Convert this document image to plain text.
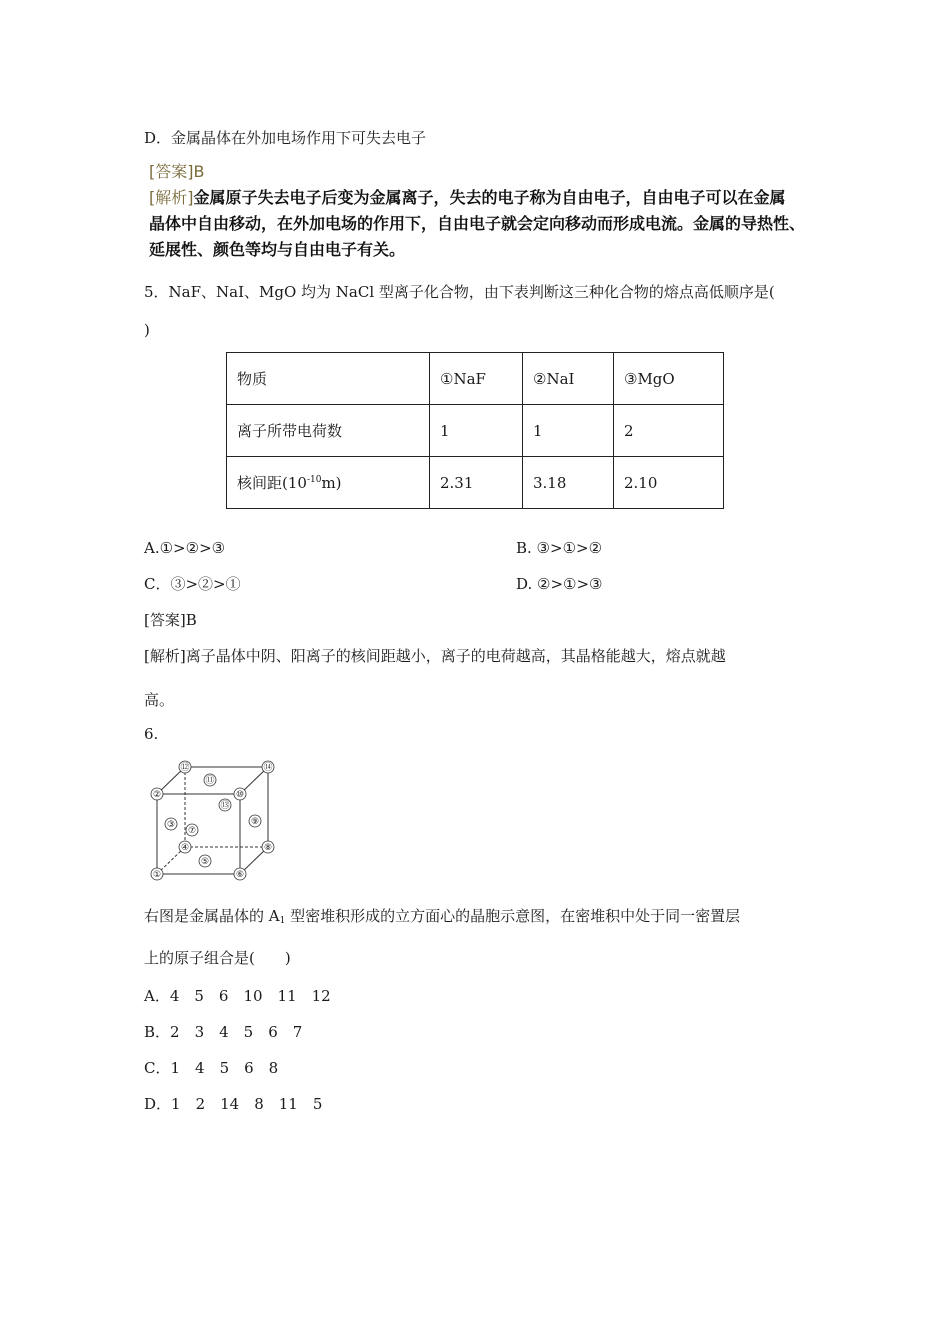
D．金属晶体在外加电场作用下可失去电子
[答案]B
[解析]金属原子失去电子后变为金属离子，失去的电子称为自由电子，自由电子可以在金属
晶体中自由移动，在外加电场的作用下，自由电子就会定向移动而形成电流。金属的导热性、
延展性、颜色等均与自由电子有关。
5．NaF、NaI、MgO 均为 NaCl 型离子化合物，由下表判断这三种化合物的熔点高低顺序是(
)
物质	①NaF	②NaI	③MgO
离子所带电荷数	1	1	2
核间距$(10^{-10}m)$	2.31	3.18	2.10
A.①>②>③	B. ③>①>②
C．③>②>①	D. ②>①>③
[答案]B
[解析]离子晶体中阴、阳离子的核间距越小，离子的电荷越高，其晶格能越大，熔点就越
高。
6.
①
②
③
④
⑤
⑥
⑦
⑧
⑨
⑩
⑪
⑫
⑬
⑭
右图是金属晶体的 $A_1$ 型密堆积形成的立方面心的晶胞示意图，在密堆积中处于同一密置层
上的原子组合是(　　)
A．4　5　6　10　11　12
B．2　3　4　5　6　7
C．1　4　5　6　8
D．1　2　14　8　11　5
